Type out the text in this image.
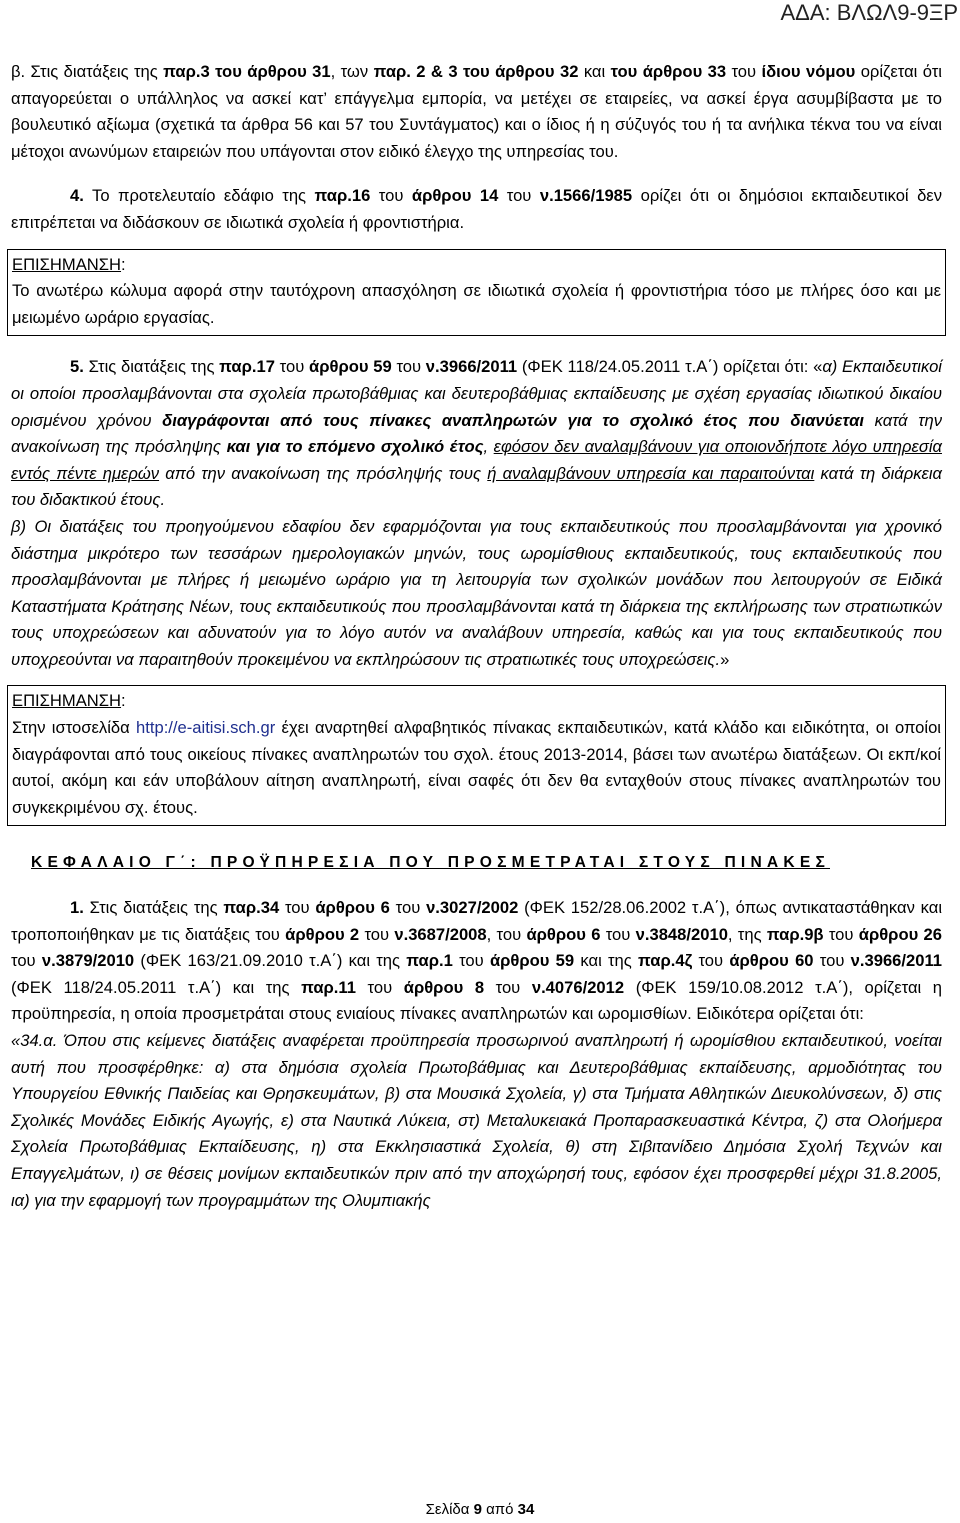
ΑΔΑ: ΒΛΩΛ9-9ΞΡ

β. Στις διατάξεις της παρ.3 του άρθρου 31, των παρ. 2 & 3 του άρθρου 32 και του άρθρου 33 του ίδιου νόμου ορίζεται ότι απαγορεύεται ο υπάλληλος να ασκεί κατ’ επάγγελμα εμπορία, να μετέχει σε εταιρείες, να ασκεί έργα ασυμβίβαστα με το βουλευτικό αξίωμα (σχετικά τα άρθρα 56 και 57 του Συντάγματος) και ο ίδιος ή η σύζυγός του ή τα ανήλικα τέκνα του να είναι μέτοχοι ανωνύμων εταιρειών που υπάγονται στον ειδικό έλεγχο της υπηρεσίας του.

4. Το προτελευταίο εδάφιο της παρ.16 του άρθρου 14 του ν.1566/1985 ορίζει ότι οι δημόσιοι εκπαιδευτικοί δεν επιτρέπεται να διδάσκουν σε ιδιωτικά σχολεία ή φροντιστήρια.

ΕΠΙΣΗΜΑΝΣΗ:

Το ανωτέρω κώλυμα αφορά στην ταυτόχρονη απασχόληση σε ιδιωτικά σχολεία ή φροντιστήρια τόσο με πλήρες όσο και με μειωμένο ωράριο εργασίας.

5. Στις διατάξεις της παρ.17 του άρθρου 59 του ν.3966/2011 (ΦΕΚ 118/24.05.2011 τ.Α΄) ορίζεται ότι: «α) Εκπαιδευτικοί οι οποίοι προσλαμβάνονται στα σχολεία πρωτοβάθμιας και δευτεροβάθμιας εκπαίδευσης με σχέση εργασίας ιδιωτικού δικαίου ορισμένου χρόνου διαγράφονται από τους πίνακες αναπληρωτών για το σχολικό έτος που διανύεται κατά την ανακοίνωση της πρόσληψης και για το επόμενο σχολικό έτος, εφόσον δεν αναλαμβάνουν για οποιονδήποτε λόγο υπηρεσία εντός πέντε ημερών από την ανακοίνωση της πρόσληψής τους ή αναλαμβάνουν υπηρεσία και παραιτούνται κατά τη διάρκεια του διδακτικού έτους.

β) Οι διατάξεις του προηγούμενου εδαφίου δεν εφαρμόζονται για τους εκπαιδευτικούς που προσλαμβάνονται για χρονικό διάστημα μικρότερο των τεσσάρων ημερολογιακών μηνών, τους ωρομίσθιους εκπαιδευτικούς, τους εκπαιδευτικούς που προσλαμβάνονται με πλήρες ή μειωμένο ωράριο για τη λειτουργία των σχολικών μονάδων που λειτουργούν σε Ειδικά Καταστήματα Κράτησης Νέων, τους εκπαιδευτικούς που προσλαμβάνονται κατά τη διάρκεια της εκπλήρωσης των στρατιωτικών τους υποχρεώσεων και αδυνατούν για το λόγο αυτόν να αναλάβουν υπηρεσία, καθώς και για τους εκπαιδευτικούς που υποχρεούνται να παραιτηθούν προκειμένου να εκπληρώσουν τις στρατιωτικές τους υποχρεώσεις.»

ΕΠΙΣΗΜΑΝΣΗ:

Στην ιστοσελίδα http://e-aitisi.sch.gr έχει αναρτηθεί αλφαβητικός πίνακας εκπαιδευτικών, κατά κλάδο και ειδικότητα, οι οποίοι διαγράφονται από τους οικείους πίνακες αναπληρωτών του σχολ. έτους 2013-2014, βάσει των ανωτέρω διατάξεων. Οι εκπ/κοί αυτοί, ακόμη και εάν υποβάλουν αίτηση αναπληρωτή, είναι σαφές ότι δεν θα ενταχθούν στους πίνακες αναπληρωτών του συγκεκριμένου σχ. έτους.

ΚΕΦΑΛΑΙΟ Γ΄: ΠΡΟΫΠΗΡΕΣΙΑ ΠΟΥ ΠΡΟΣΜΕΤΡΑΤΑΙ ΣΤΟΥΣ ΠΙΝΑΚΕΣ

1. Στις διατάξεις της παρ.34 του άρθρου 6 του ν.3027/2002 (ΦΕΚ 152/28.06.2002 τ.Α΄), όπως αντικαταστάθηκαν και τροποποιήθηκαν με τις διατάξεις του άρθρου 2 του ν.3687/2008, του άρθρου 6 του ν.3848/2010, της παρ.9β του άρθρου 26 του ν.3879/2010 (ΦΕΚ 163/21.09.2010 τ.Α΄) και της παρ.1 του άρθρου 59 και της παρ.4ζ του άρθρου 60 του ν.3966/2011 (ΦΕΚ 118/24.05.2011 τ.Α΄) και της παρ.11 του άρθρου 8 του ν.4076/2012 (ΦΕΚ 159/10.08.2012 τ.Α΄), ορίζεται η προϋπηρεσία, η οποία προσμετράται στους ενιαίους πίνακες αναπληρωτών και ωρομισθίων. Ειδικότερα ορίζεται ότι:

«34.α. Όπου στις κείμενες διατάξεις αναφέρεται προϋπηρεσία προσωρινού αναπληρωτή ή ωρομίσθιου εκπαιδευτικού, νοείται αυτή που προσφέρθηκε: α) στα δημόσια σχολεία Πρωτοβάθμιας και Δευτεροβάθμιας εκπαίδευσης, αρμοδιότητας του Υπουργείου Εθνικής Παιδείας και Θρησκευμάτων, β) στα Μουσικά Σχολεία, γ) στα Τμήματα Αθλητικών Διευκολύνσεων, δ) στις Σχολικές Μονάδες Ειδικής Αγωγής, ε) στα Ναυτικά Λύκεια, στ) Μεταλυκειακά Προπαρασκευαστικά Κέντρα, ζ) στα Ολοήμερα Σχολεία Πρωτοβάθμιας Εκπαίδευσης, η) στα Εκκλησιαστικά Σχολεία, θ) στη Σιβιτανίδειο Δημόσια Σχολή Τεχνών και Επαγγελμάτων, ι) σε θέσεις μονίμων εκπαιδευτικών πριν από την αποχώρησή τους, εφόσον έχει προσφερθεί μέχρι 31.8.2005, ια) για την εφαρμογή των προγραμμάτων της Ολυμπιακής

Σελίδα 9 από 34
